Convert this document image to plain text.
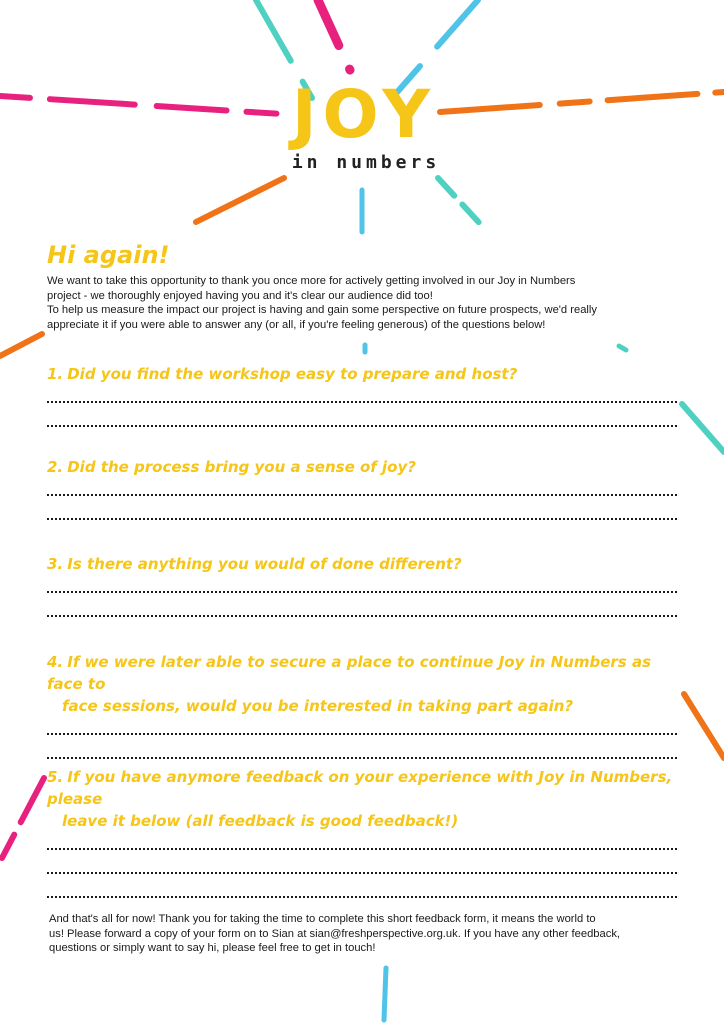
JOY
in numbers
Hi again!

We want to take this opportunity to thank you once more for actively getting involved in our Joy in Numbers

project - we thoroughly enjoyed having you and it's clear our audience did too!

To help us measure the impact our project is having and gain some perspective on future prospects, we'd really

appreciate it if you were able to answer any (or all, if you're feeling generous) of the questions below!

1. Did you find the workshop easy to prepare and host?

2. Did the process bring you a sense of joy?

3. Is there anything you would of done different?

4. If we were later able to secure a place to continue Joy in Numbers as face to
face sessions, would you be interested in taking part again?

5. If you have anymore feedback on your experience with Joy in Numbers, please
leave it below (all feedback is good feedback!)

And that's all for now! Thank you for taking the time to complete this short feedback form, it means the world to

us! Please forward a copy of your form on to Sian at sian@freshperspective.org.uk. If you have any other feedback,

questions or simply want to say hi, please feel free to get in touch!
